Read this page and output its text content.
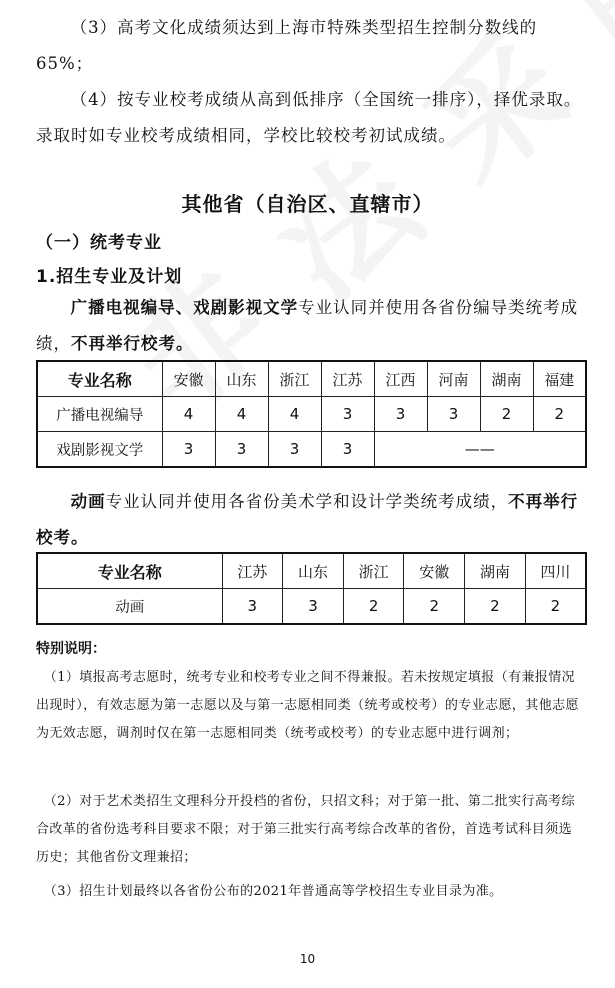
（3）高考文化成绩须达到上海市特殊类型招生控制分数线的65%；

（4）按专业校考成绩从高到低排序（全国统一排序），择优录取。录取时如专业校考成绩相同，学校比较校考初试成绩。

其他省（自治区、直辖市）
（一）统考专业
1.招生专业及计划

广播电视编导、戏剧影视文学专业认同并使用各省份编导类统考成绩，不再举行校考。

专业名称	安徽	山东	浙江	江苏	江西	河南	湖南	福建
广播电视编导	4	4	4	3	3	3	2	2
戏剧影视文学	3	3	3	3	——			

动画专业认同并使用各省份美术学和设计学类统考成绩，不再举行校考。

专业名称	江苏	山东	浙江	安徽	湖南	四川
动画	3	3	2	2	2	2
特别说明：

（1）填报高考志愿时，统考专业和校考专业之间不得兼报。若未按规定填报（有兼报情况出现时），有效志愿为第一志愿以及与第一志愿相同类（统考或校考）的专业志愿，其他志愿为无效志愿，调剂时仅在第一志愿相同类（统考或校考）的专业志愿中进行调剂；

（2）对于艺术类招生文理科分开投档的省份，只招文科；对于第一批、第二批实行高考综合改革的省份选考科目要求不限；对于第三批实行高考综合改革的省份，首选考试科目须选历史；其他省份文理兼招；

（3）招生计划最终以各省份公布的2021年普通高等学校招生专业目录为准。

10
